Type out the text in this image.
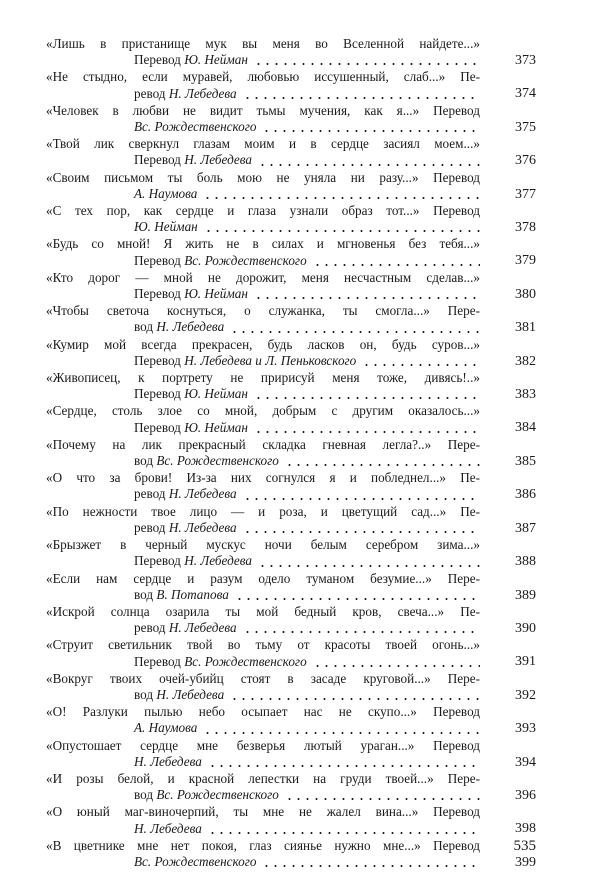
«Лишь в пристанище мук вы меня во Вселенной найдете...»
Перевод Ю. Нейман	373
«Не стыдно, если муравей, любовью иссушенный, слаб...» Пе-
ревод Н. Лебедева	374
«Человек в любви не видит тьмы мучения, как я...» Перевод
Вс. Рождественского	375
«Твой лик сверкнул глазам моим и в сердце засиял моем...»
Перевод Н. Лебедева	376
«Своим письмом ты боль мою не уняла ни разу...» Перевод
А. Наумова	377
«С тех пор, как сердце и глаза узнали образ тот...» Перевод
Ю. Нейман	378
«Будь со мной! Я жить не в силах и мгновенья без тебя...»
Перевод Вс. Рождественского	379
«Кто дорог — мной не дорожит, меня несчастным сделав...»
Перевод Ю. Нейман	380
«Чтобы светоча коснуться, о служанка, ты смогла...» Пере-
вод Н. Лебедева	381
«Кумир мой всегда прекрасен, будь ласков он, будь суров...»
Перевод Н. Лебедева и Л. Пеньковского	382
«Живописец, к портрету не пририсуй меня тоже, дивясь!..»
Перевод Ю. Нейман	383
«Сердце, столь злое со мной, добрым с другим оказалось...»
Перевод Ю. Нейман	384
«Почему на лик прекрасный складка гневная легла?..» Пере-
вод Вс. Рождественского	385
«О что за брови! Из-за них согнулся я и побледнел...» Пе-
ревод Н. Лебедева	386
«По нежности твое лицо — и роза, и цветущий сад...» Пе-
ревод Н. Лебедева	387
«Брызжет в черный мускус ночи белым серебром зима...»
Перевод Н. Лебедева	388
«Если нам сердце и разум одело туманом безумие...» Пере-
вод В. Потапова	389
«Искрой солнца озарила ты мой бедный кров, свеча...» Пе-
ревод Н. Лебедева	390
«Струит светильник твой во тьму от красоты твоей огонь...»
Перевод Вс. Рождественского	391
«Вокруг твоих очей-убийц стоят в засаде круговой...» Пере-
вод Н. Лебедева	392
«О! Разлуки пылью небо осыпает нас не скупо...» Перевод
А. Наумова	393
«Опустошает сердце мне безверья лютый ураган...» Перевод
Н. Лебедева	394
«И розы белой, и красной лепестки на груди твоей...» Пере-
вод Вс. Рождественского	396
«О юный маг-виночерпий, ты мне не жалел вина...» Перевод
Н. Лебедева	398
«В цветнике мне нет покоя, глаз сиянье нужно мне...» Перевод
Вс. Рождественского	399
535
